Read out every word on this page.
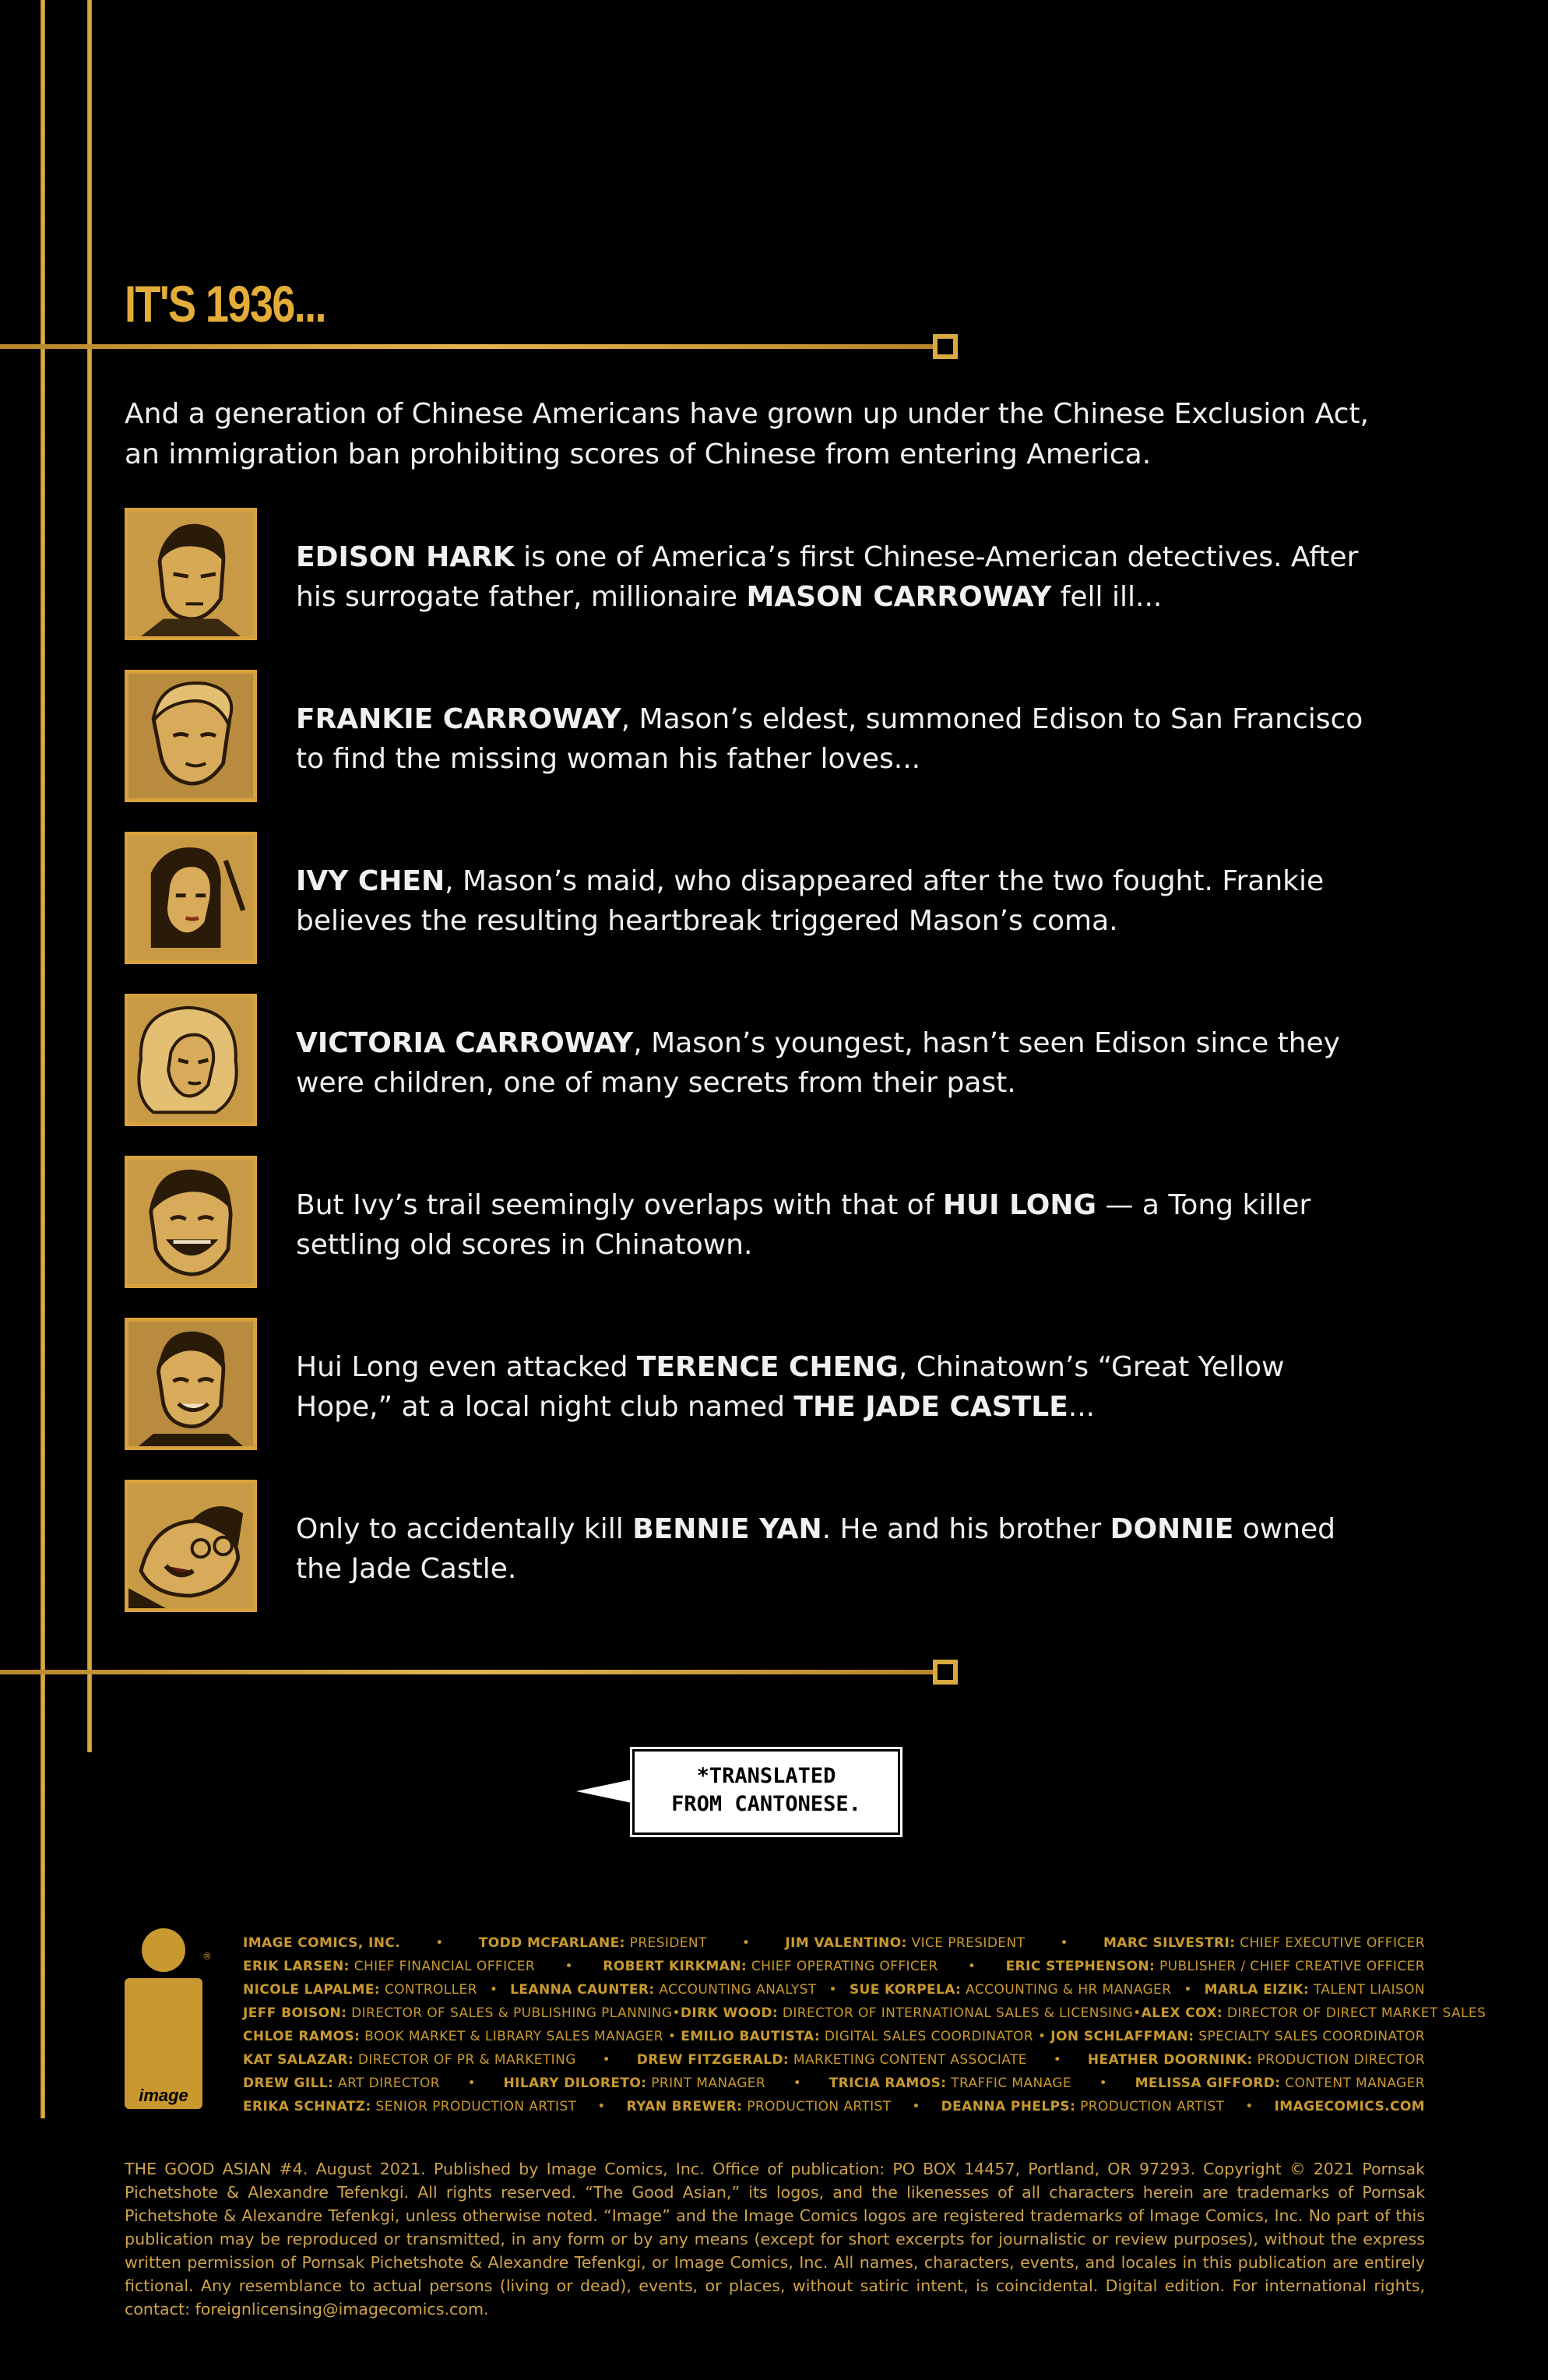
IT'S 1936...
And a generation of Chinese Americans have grown up under the Chinese Exclusion Act, an immigration ban prohibiting scores of Chinese from entering America.
EDISON HARK is one of America’s first Chinese-American detectives. After his surrogate father, millionaire MASON CARROWAY fell ill...
FRANKIE CARROWAY, Mason’s eldest, summoned Edison to San Francisco to find the missing woman his father loves...
IVY CHEN, Mason’s maid, who disappeared after the two fought. Frankie believes the resulting heartbreak triggered Mason’s coma.
VICTORIA CARROWAY, Mason’s youngest, hasn’t seen Edison since they were children, one of many secrets from their past.
But Ivy’s trail seemingly overlaps with that of HUI LONG — a Tong killer settling old scores in Chinatown.
Hui Long even attacked TERENCE CHENG, Chinatown’s “Great Yellow Hope,” at a local night club named THE JADE CASTLE...
Only to accidentally kill BENNIE YAN. He and his brother DONNIE owned the Jade Castle.
*TRANSLATED
FROM CANTONESE.
image
®
IMAGE COMICS, INC.	•	TODD MCFARLANE: PRESIDENT	•	JIM VALENTINO: VICE PRESIDENT	•	MARC SILVESTRI: CHIEF EXECUTIVE OFFICER
ERIK LARSEN: CHIEF FINANCIAL OFFICER • ROBERT KIRKMAN: CHIEF OPERATING OFFICER • ERIC STEPHENSON: PUBLISHER / CHIEF CREATIVE OFFICER
NICOLE LAPALME: CONTROLLER • LEANNA CAUNTER: ACCOUNTING ANALYST • SUE KORPELA: ACCOUNTING & HR MANAGER • MARLA EIZIK: TALENT LIAISON
JEFF BOISON: DIRECTOR OF SALES & PUBLISHING PLANNING • DIRK WOOD: DIRECTOR OF INTERNATIONAL SALES & LICENSING • ALEX COX: DIRECTOR OF DIRECT MARKET SALES
CHLOE RAMOS: BOOK MARKET & LIBRARY SALES MANAGER • EMILIO BAUTISTA: DIGITAL SALES COORDINATOR • JON SCHLAFFMAN: SPECIALTY SALES COORDINATOR
KAT SALAZAR: DIRECTOR OF PR & MARKETING • DREW FITZGERALD: MARKETING CONTENT ASSOCIATE • HEATHER DOORNINK: PRODUCTION DIRECTOR
DREW GILL: ART DIRECTOR • HILARY DILORETO: PRINT MANAGER • TRICIA RAMOS: TRAFFIC MANAGE • MELISSA GIFFORD: CONTENT MANAGER
ERIKA SCHNATZ: SENIOR PRODUCTION ARTIST • RYAN BREWER: PRODUCTION ARTIST • DEANNA PHELPS: PRODUCTION ARTIST • IMAGECOMICS.COM
THE GOOD ASIAN #4. August 2021. Published by Image Comics, Inc. Office of publication: PO BOX 14457, Portland, OR 97293. Copyright © 2021 Pornsak Pichetshote & Alexandre Tefenkgi. All rights reserved. “The Good Asian,” its logos, and the likenesses of all characters herein are trademarks of Pornsak Pichetshote & Alexandre Tefenkgi, unless otherwise noted. “Image” and the Image Comics logos are registered trademarks of Image Comics, Inc. No part of this publication may be reproduced or transmitted, in any form or by any means (except for short excerpts for journalistic or review purposes), without the express written permission of Pornsak Pichetshote & Alexandre Tefenkgi, or Image Comics, Inc. All names, characters, events, and locales in this publication are entirely fictional. Any resemblance to actual persons (living or dead), events, or places, without satiric intent, is coincidental. Digital edition. For international rights, contact: foreignlicensing@imagecomics.com.
